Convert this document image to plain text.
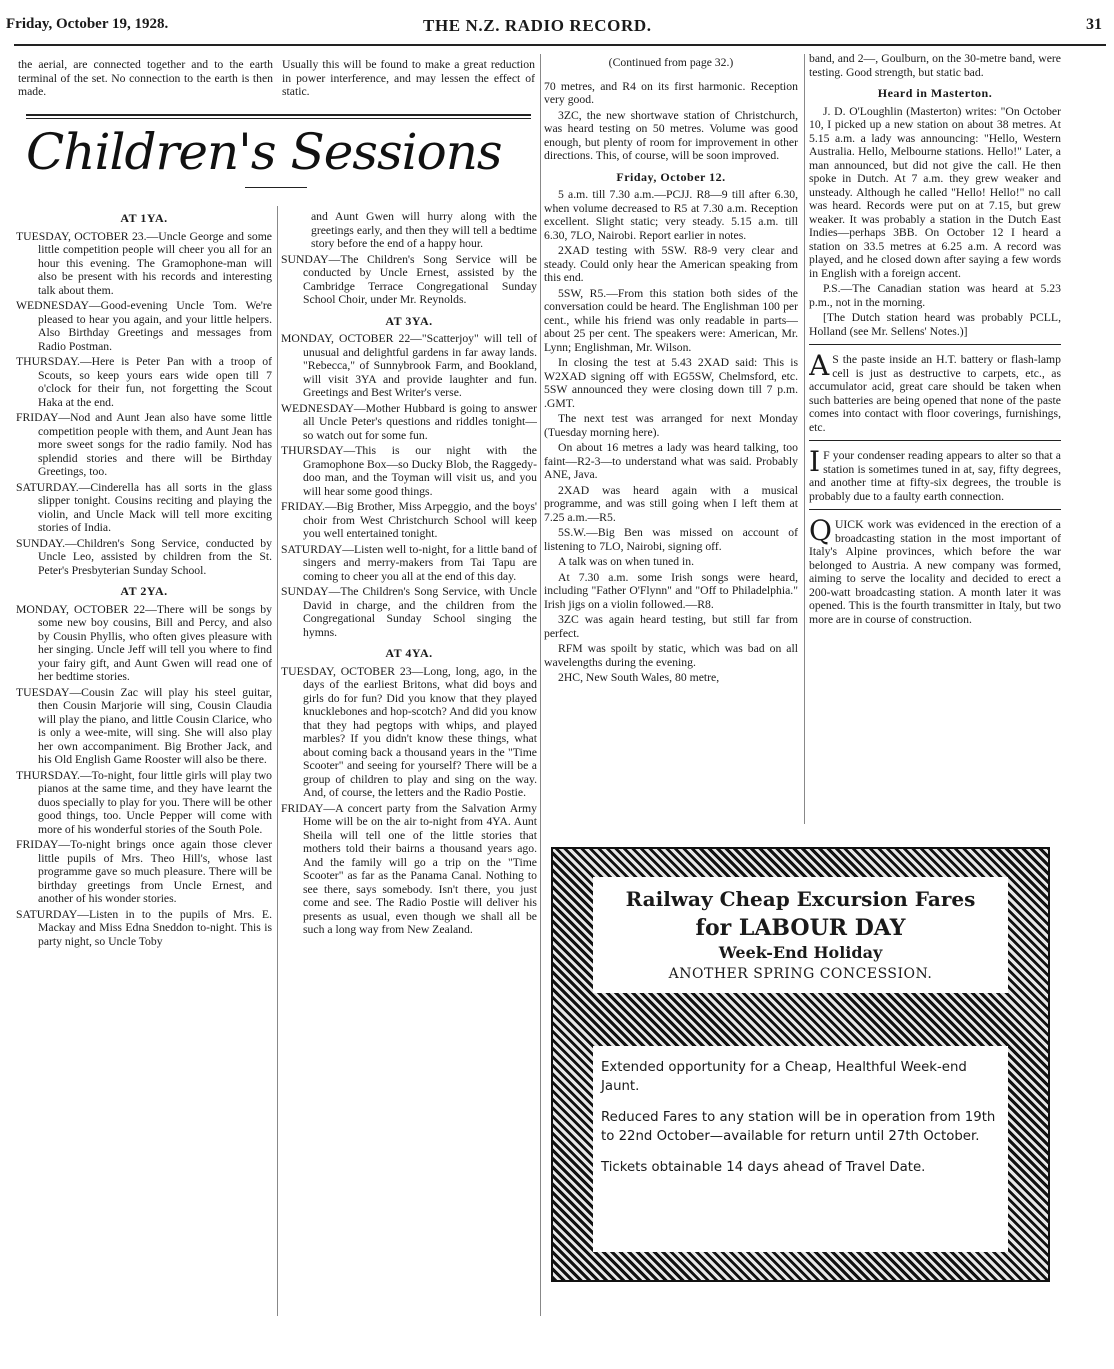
Friday, October 19, 1928.	THE N.Z. RADIO RECORD.	31

the aerial, are connected together and to the earth terminal of the set. No connection to the earth is then made.

Usually this will be found to make a great reduction in power interference, and may lessen the effect of static.

Children's Sessions
AT 1YA.

TUESDAY, OCTOBER 23.—Uncle George and some little competition people will cheer you all for an hour this evening. The Gramophone-man will also be present with his records and interesting talk about them.

WEDNESDAY—Good-evening Uncle Tom. We're pleased to hear you again, and your little helpers. Also Birthday Greetings and messages from Radio Postman.

THURSDAY.—Here is Peter Pan with a troop of Scouts, so keep yours ears wide open till 7 o'clock for their fun, not forgetting the Scout Haka at the end.

FRIDAY—Nod and Aunt Jean also have some little competition people with them, and Aunt Jean has more sweet songs for the radio family. Nod has splendid stories and there will be Birthday Greetings, too.

SATURDAY.—Cinderella has all sorts in the glass slipper tonight. Cousins reciting and playing the violin, and Uncle Mack will tell more exciting stories of India.

SUNDAY.—Children's Song Service, conducted by Uncle Leo, assisted by children from the St. Peter's Presbyterian Sunday School.

AT 2YA.

MONDAY, OCTOBER 22—There will be songs by some new boy cousins, Bill and Percy, and also by Cousin Phyllis, who often gives pleasure with her singing. Uncle Jeff will tell you where to find your fairy gift, and Aunt Gwen will read one of her bedtime stories.

TUESDAY—Cousin Zac will play his steel guitar, then Cousin Marjorie will sing, Cousin Claudia will play the piano, and little Cousin Clarice, who is only a wee-mite, will sing. She will also play her own accompaniment. Big Brother Jack, and his Old English Game Rooster will also be there.

THURSDAY.—To-night, four little girls will play two pianos at the same time, and they have learnt the duos specially to play for you. There will be other good things, too. Uncle Pepper will come with more of his wonderful stories of the South Pole.

FRIDAY—To-night brings once again those clever little pupils of Mrs. Theo Hill's, whose last programme gave so much pleasure. There will be birthday greetings from Uncle Ernest, and another of his wonder stories.

SATURDAY—Listen in to the pupils of Mrs. E. Mackay and Miss Edna Sneddon to-night. This is party night, so Uncle Toby

and Aunt Gwen will hurry along with the greetings early, and then they will tell a bedtime story before the end of a happy hour.

SUNDAY—The Children's Song Service will be conducted by Uncle Ernest, assisted by the Cambridge Terrace Congregational Sunday School Choir, under Mr. Reynolds.

AT 3YA.

MONDAY, OCTOBER 22—"Scatterjoy" will tell of unusual and delightful gardens in far away lands. "Rebecca," of Sunnybrook Farm, and Bookland, will visit 3YA and provide laughter and fun. Greetings and Best Writer's verse.

WEDNESDAY—Mother Hubbard is going to answer all Uncle Peter's questions and riddles tonight—so watch out for some fun.

THURSDAY—This is our night with the Gramophone Box—so Ducky Blob, the Raggedy-doo man, and the Toyman will visit us, and you will hear some good things.

FRIDAY.—Big Brother, Miss Arpeggio, and the boys' choir from West Christchurch School will keep you well entertained tonight.

SATURDAY—Listen well to-night, for a little band of singers and merry-makers from Tai Tapu are coming to cheer you all at the end of this day.

SUNDAY—The Children's Song Service, with Uncle David in charge, and the children from the Congregational Sunday School singing the hymns.

AT 4YA.

TUESDAY, OCTOBER 23—Long, long, ago, in the days of the earliest Britons, what did boys and girls do for fun? Did you know that they played knucklebones and hop-scotch? And did you know that they had pegtops with whips, and played marbles? If you didn't know these things, what about coming back a thousand years in the "Time Scooter" and seeing for yourself? There will be a group of children to play and sing on the way. And, of course, the letters and the Radio Postie.

FRIDAY—A concert party from the Salvation Army Home will be on the air to-night from 4YA. Aunt Sheila will tell one of the little stories that mothers told their bairns a thousand years ago. And the family will go a trip on the "Time Scooter" as far as the Panama Canal. Nothing to see there, says somebody. Isn't there, you just come and see. The Radio Postie will deliver his presents as usual, even though we shall all be such a long way from New Zealand.

(Continued from page 32.)

70 metres, and R4 on its first harmonic. Reception very good.

3ZC, the new shortwave station of Christchurch, was heard testing on 50 metres. Volume was good enough, but plenty of room for improvement in other directions. This, of course, will be soon improved.

Friday, October 12.

5 a.m. till 7.30 a.m.—PCJJ. R8—9 till after 6.30, when volume decreased to R5 at 7.30 a.m. Reception excellent. Slight static; very steady. 5.15 a.m. till 6.30, 7LO, Nairobi. Report earlier in notes.

2XAD testing with 5SW. R8-9 very clear and steady. Could only hear the American speaking from this end.

5SW, R5.—From this station both sides of the conversation could be heard. The Englishman 100 per cent., while his friend was only readable in parts—about 25 per cent. The speakers were: American, Mr. Lynn; Englishman, Mr. Wilson.

In closing the test at 5.43 2XAD said: This is W2XAD signing off with EG5SW, Chelmsford, etc. 5SW announced they were closing down till 7 p.m. .GMT.

The next test was arranged for next Monday (Tuesday morning here).

On about 16 metres a lady was heard talking, too faint—R2-3—to understand what was said. Probably ANE, Java.

2XAD was heard again with a musical programme, and was still going when I left them at 7.25 a.m.—R5.

5S.W.—Big Ben was missed on account of listening to 7LO, Nairobi, signing off.

A talk was on when tuned in.

At 7.30 a.m. some Irish songs were heard, including "Father O'Flynn" and "Off to Philadelphia." Irish jigs on a violin followed.—R8.

3ZC was again heard testing, but still far from perfect.

RFM was spoilt by static, which was bad on all wavelengths during the evening.

2HC, New South Wales, 80 metre,

band, and 2—, Goulburn, on the 30-metre band, were testing. Good strength, but static bad.

Heard in Masterton.

J. D. O'Loughlin (Masterton) writes: "On October 10, I picked up a new station on about 38 metres. At 5.15 a.m. a lady was announcing: "Hello, Western Australia. Hello, Melbourne stations. Hello!" Later, a man announced, but did not give the call. He then spoke in Dutch. At 7 a.m. they grew weaker and unsteady. Although he called "Hello! Hello!" no call was heard. Records were put on at 7.15, but grew weaker. It was probably a station in the Dutch East Indies—perhaps 3BB. On October 12 I heard a station on 33.5 metres at 6.25 a.m. A record was played, and he closed down after saying a few words in English with a foreign accent.

P.S.—The Canadian station was heard at 5.23 p.m., not in the morning.

[The Dutch station heard was probably PCLL, Holland (see Mr. Sellens' Notes.)]

A S the paste inside an H.T. battery or flash-lamp cell is just as destructive to carpets, etc., as accumulator acid, great care should be taken when such batteries are being opened that none of the paste comes into contact with floor coverings, furnishings, etc.

I F your condenser reading appears to alter so that a station is sometimes tuned in at, say, fifty degrees, and another time at fifty-six degrees, the trouble is probably due to a faulty earth connection.

QUICK work was evidenced in the erection of a broadcasting station in the most important of Italy's Alpine provinces, which before the war belonged to Austria. A new company was formed, aiming to serve the locality and decided to erect a 200-watt broadcasting station. A month later it was opened. This is the fourth transmitter in Italy, but two more are in course of construction.

Railway Cheap Excursion Fares
for LABOUR DAY
Week-End Holiday
ANOTHER SPRING CONCESSION.

Extended opportunity for a Cheap, Healthful Week-end Jaunt.

Reduced Fares to any station will be in operation from 19th to 22nd October—available for return until 27th October.

Tickets obtainable 14 days ahead of Travel Date.
